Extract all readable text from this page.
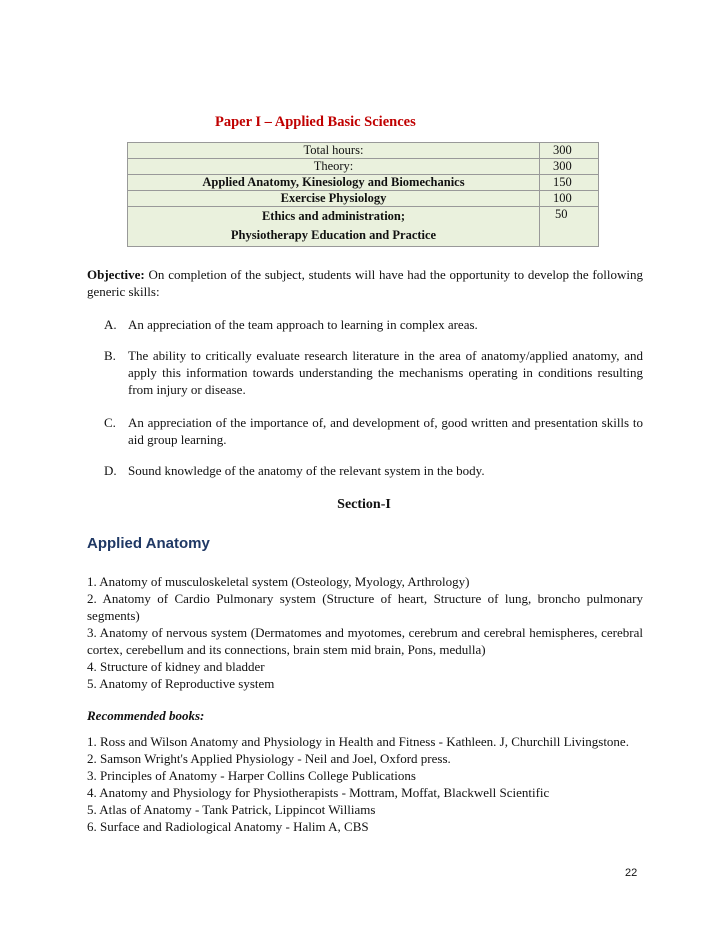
Paper I – Applied Basic Sciences
Total hours:	300
Theory:	300
Applied Anatomy, Kinesiology and Biomechanics	150
Exercise Physiology	100

Ethics and administration;
Physiotherapy Education and Practice	50
Objective: On completion of the subject, students will have had the opportunity to develop the following generic skills:
A. An appreciation of the team approach to learning in complex areas.
B. The ability to critically evaluate research literature in the area of anatomy/applied anatomy, and apply this information towards understanding the mechanisms operating in conditions resulting from injury or disease.
C. An appreciation of the importance of, and development of, good written and presentation skills to aid group learning.
D. Sound knowledge of the anatomy of the relevant system in the body.
Section-I
Applied Anatomy
1. Anatomy of musculoskeletal system (Osteology, Myology, Arthrology)
2. Anatomy of Cardio Pulmonary system (Structure of heart, Structure of lung, broncho pulmonary segments)
3. Anatomy of nervous system (Dermatomes and myotomes, cerebrum and cerebral hemispheres, cerebral cortex, cerebellum and its connections, brain stem mid brain, Pons, medulla)
4. Structure of kidney and bladder
5. Anatomy of Reproductive system
Recommended books:
1. Ross and Wilson Anatomy and Physiology in Health and Fitness - Kathleen. J, Churchill Livingstone.
2. Samson Wright's Applied Physiology - Neil and Joel, Oxford press.
3. Principles of Anatomy - Harper Collins College Publications
4. Anatomy and Physiology for Physiotherapists - Mottram, Moffat, Blackwell Scientific
5. Atlas of Anatomy - Tank Patrick, Lippincot Williams
6. Surface and Radiological Anatomy - Halim A, CBS
22
